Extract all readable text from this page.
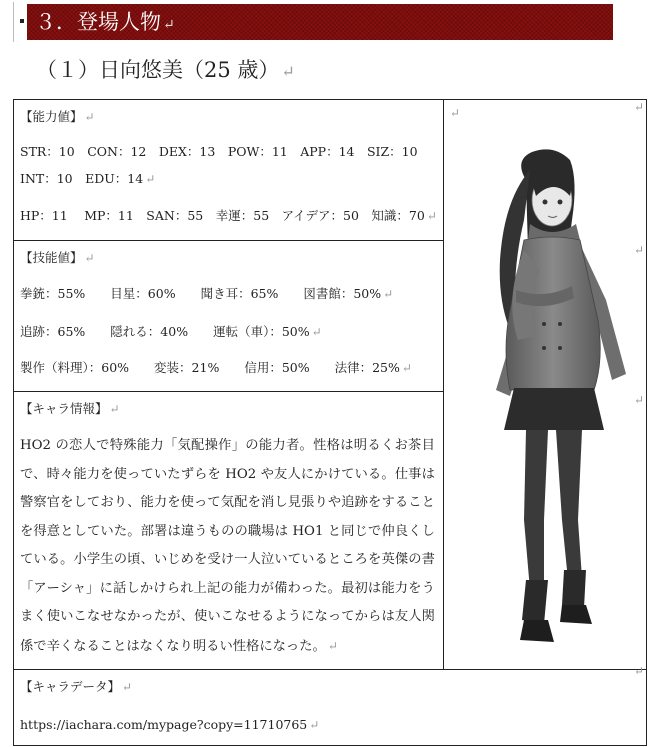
３．登場人物 ↵
（１）日向悠美（25 歳） ↵
【能力値】 ↵
STR：10　CON：12　DEX：13　POW：11　APP：14　SIZ：10
INT：10　EDU：14 ↵
HP：11　 MP：11　SAN：55　幸運：55　アイデア：50　知識：70 ↵

↵

【技能値】 ↵
拳銃：55%　　目星：60%　　聞き耳：65%　　図書館：50% ↵
追跡：65%　　隠れる：40%　　運転（車）：50% ↵
製作（料理）：60%　　変装：21%　　信用：50%　　法律：25% ↵

【キャラ情報】 ↵
HO2 の恋人で特殊能力「気配操作」の能力者。性格は明るくお茶目で、時々能力を使っていたずらを HO2 や友人にかけている。仕事は警察官をしており、能力を使って気配を消し見張りや追跡をすることを得意としていた。部署は違うものの職場は HO1 と同じで仲良くしている。小学生の頃、いじめを受け一人泣いているところを英傑の書「アーシャ」に話しかけられ上記の能力が備わった。最初は能力をうまく使いこなせなかったが、使いこなせるようになってからは友人関係で辛くなることはなくなり明るい性格になった。 ↵

【キャラデータ】 ↵
https://iachara.com/mypage?copy=11710765 ↵
↵
↵
↵
↵
